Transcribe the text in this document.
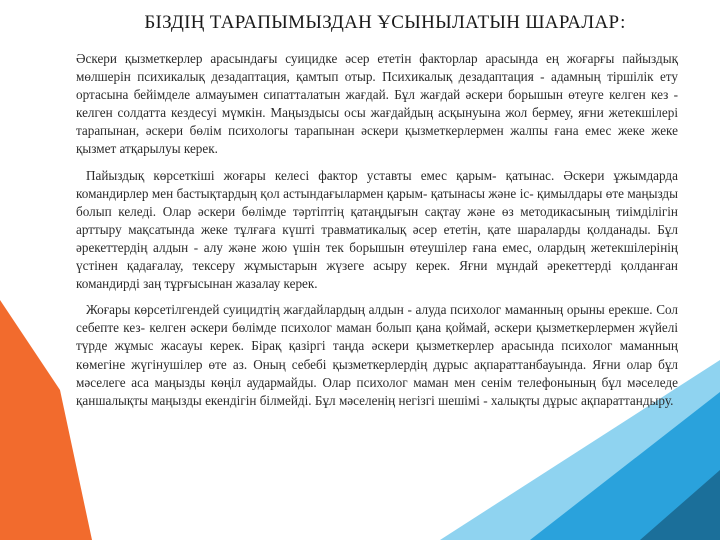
БІЗДІҢ ТАРАПЫМЫЗДАН ҰСЫНЫЛАТЫН ШАРАЛАР:

Әскери қызметкерлер арасындағы суицидке әсер ететін факторлар арасында ең жоғарғы пайыздық мөлшерін психикалық дезадаптация, қамтып отыр. Психикалық дезадаптация - адамның тіршілік ету ортасына бейімделе алмауымен сипатталатын жағдай. Бұл жағдай әскери борышын өтеуге келген кез - келген солдатта кездесуі мүмкін. Маңыздысы осы жағдайдың асқынуына жол бермеу, яғни жетекшілері тарапынан, әскери бөлім психологы тарапынан әскери қызметкерлермен жалпы ғана емес жеке жеке қызмет атқарылуы керек.

Пайыздық көрсеткіші жоғары келесі фактор уставты емес қарым- қатынас. Әскери ұжымдарда командирлер мен бастықтардың қол астындағылармен қарым- қатынасы және іс- қимылдары өте маңызды болып келеді. Олар әскери бөлімде тәртіптің қатаңдығын сақтау және өз методикасының тиімділігін арттыру мақсатында жеке тұлғаға күшті травматикалық әсер ететін, қате шараларды қолданады. Бұл әрекеттердің алдын - алу және жою үшін тек борышын өтеушілер ғана емес, олардың жетекшілерінің үстінен қадағалау, тексеру жұмыстарын жүзеге асыру керек. Яғни мұндай әрекеттерді қолданған командирді заң тұрғысынан жазалау керек.

Жоғары көрсетілгендей суицидтің жағдайлардың алдын - алуда психолог маманның орыны ерекше. Сол себепте кез- келген әскери бөлімде психолог маман болып қана қоймай, әскери қызметкерлермен жүйелі түрде жұмыс жасауы керек. Бірақ қазіргі таңда әскери қызметкерлер арасында психолог маманның көмегіне жүгінушілер өте аз. Оның себебі қызметкерлердің дұрыс ақпараттанбауында. Яғни олар бұл мәселеге аса маңызды көңіл аудармайды. Олар психолог маман мен сенім телефонының бұл мәселеде қаншалықты маңызды екендігін білмейді. Бұл мәселенің негізгі шешімі - халықты дұрыс ақпараттандыру.
